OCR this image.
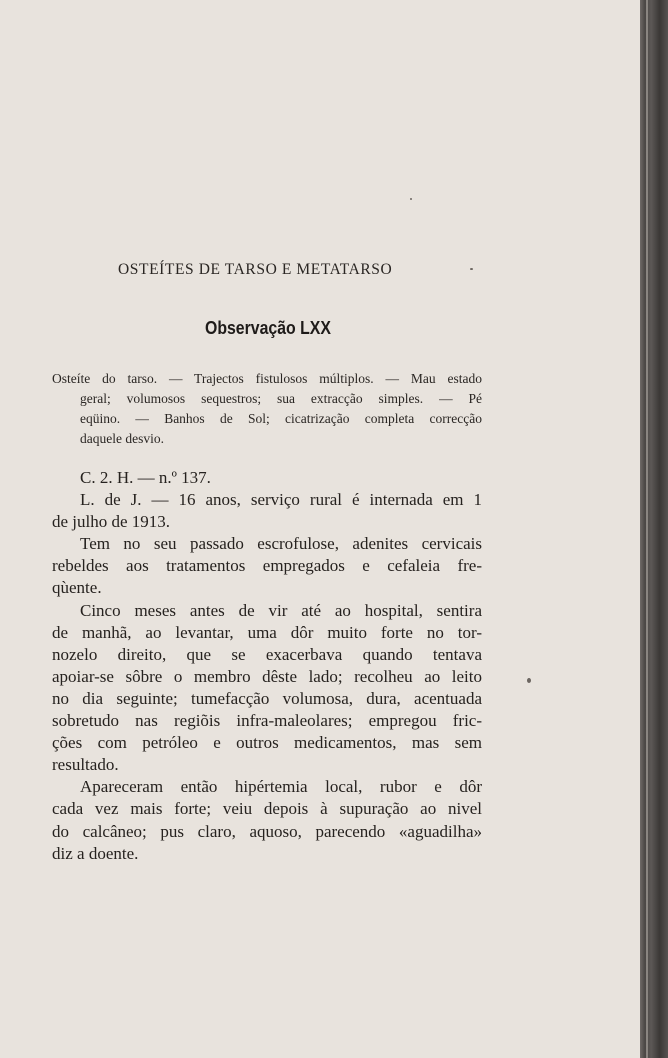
OSTEÍTES DE TARSO E METATARSO
Observação LXX
Osteíte do tarso. — Trajectos fistulosos múltiplos. — Mau estado
geral; volumosos sequestros; sua extracção simples. — Pé
eqüino. — Banhos de Sol; cicatrização completa correcção
daquele desvio.
C. 2. H. — n.º 137.
L. de J. — 16 anos, serviço rural é internada em 1
de julho de 1913.
Tem no seu passado escrofulose, adenites cervicais
rebeldes aos tratamentos empregados e cefaleia fre-
qùente.
Cinco meses antes de vir até ao hospital, sentira
de manhã, ao levantar, uma dôr muito forte no tor-
nozelo direito, que se exacerbava quando tentava
apoiar-se sôbre o membro dêste lado; recolheu ao leito
no dia seguinte; tumefacção volumosa, dura, acentuada
sobretudo nas regiõis infra-maleolares; empregou fric-
ções com petróleo e outros medicamentos, mas sem
resultado.
Apareceram então hipértemia local, rubor e dôr
cada vez mais forte; veiu depois à supuração ao nivel
do calcâneo; pus claro, aquoso, parecendo «aguadilha»
diz a doente.
